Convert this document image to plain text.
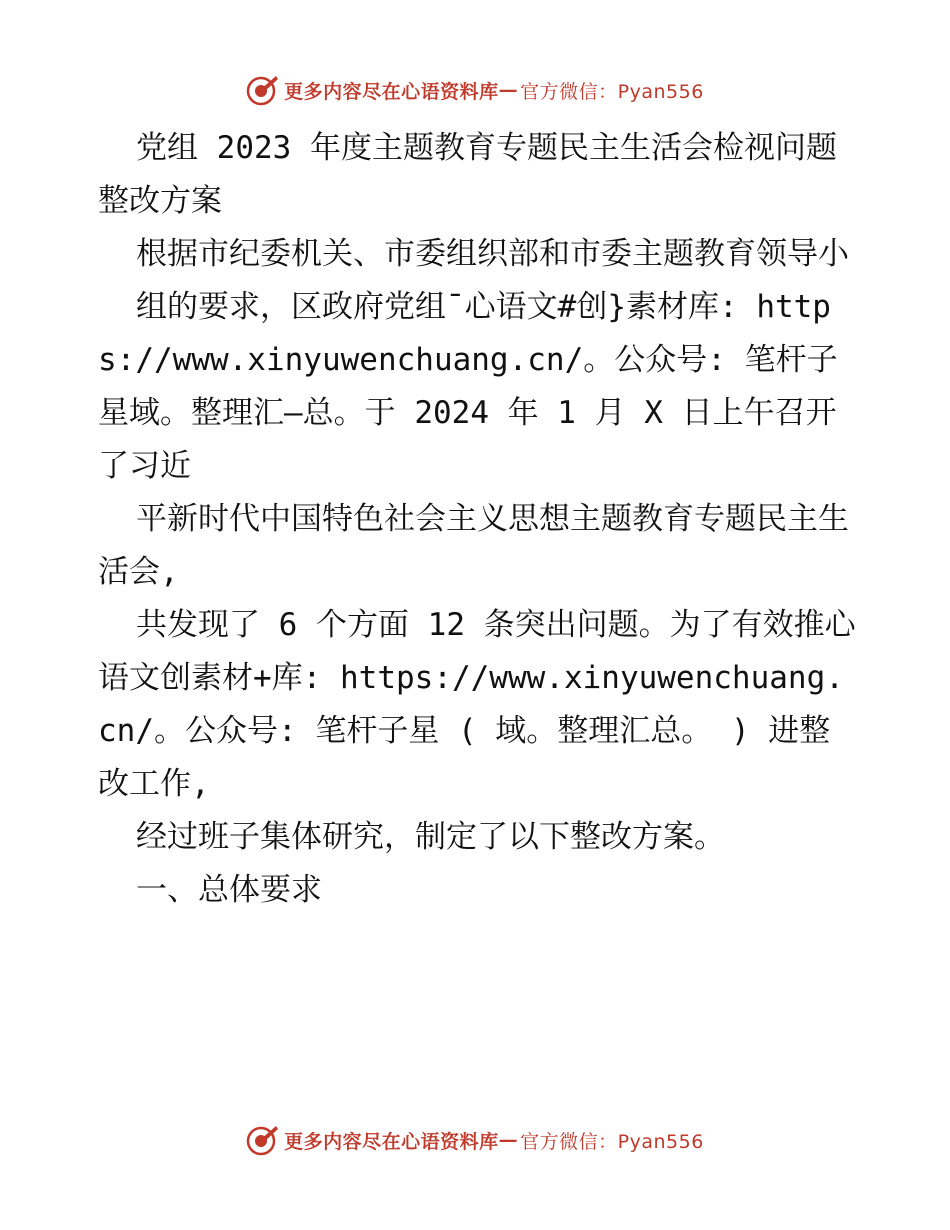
更多内容尽在心语资料库 — 官方微信：Pyan556

党组 2023 年度主题教育专题民主生活会检视问题整改方案

根据市纪委机关、市委组织部和市委主题教育领导小

组的要求，区政府党组¯心语文#创}素材库: https://www.xinyuwenchuang.cn/。公众号: 笔杆子星域。整理汇—总。于 2024 年 1 月 X 日上午召开了习近

平新时代中国特色社会主义思想主题教育专题民主生活会,

共发现了 6 个方面 12 条突出问题。为了有效推心语文创素材+库: https://www.xinyuwenchuang.cn/。公众号: 笔杆子星 ( 域。整理汇总。 ) 进整改工作,

经过班子集体研究，制定了以下整改方案。

一、总体要求

更多内容尽在心语资料库 — 官方微信：Pyan556
